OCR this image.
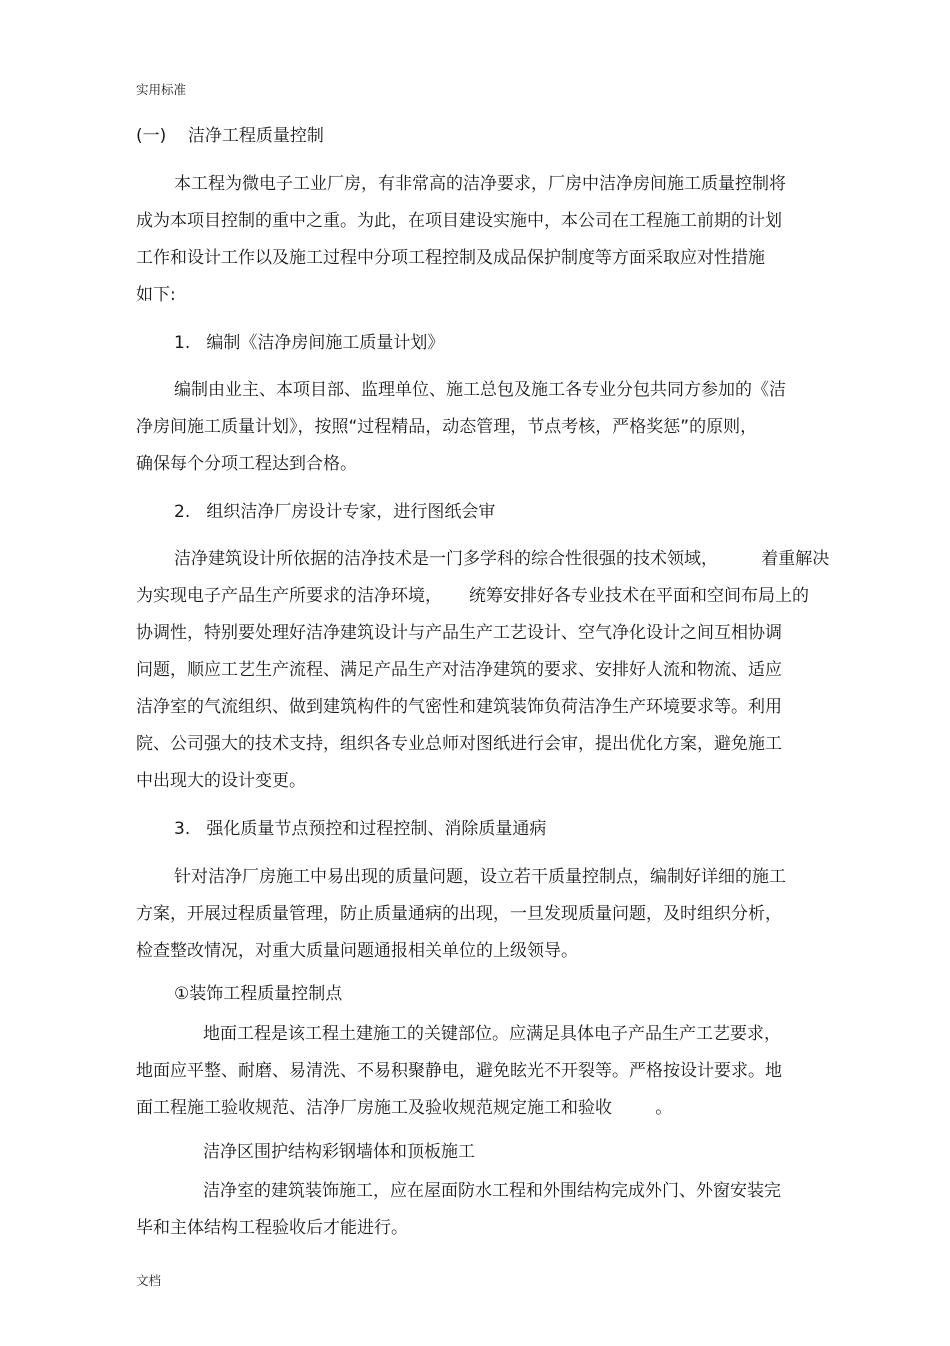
实用标准
(一)    洁净工程质量控制
本工程为微电子工业厂房，有非常高的洁净要求，厂房中洁净房间施工质量控制将
成为本项目控制的重中之重。为此，在项目建设实施中，本公司在工程施工前期的计划
工作和设计工作以及施工过程中分项工程控制及成品保护制度等方面采取应对性措施
如下:
1.   编制《洁净房间施工质量计划》
编制由业主、本项目部、监理单位、施工总包及施工各专业分包共同方参加的《洁
净房间施工质量计划》，按照“过程精品，动态管理，节点考核，严格奖惩”的原则，
确保每个分项工程达到合格。
2.   组织洁净厂房设计专家，进行图纸会审
洁净建筑设计所依据的洁净技术是一门多学科的综合性很强的技术领域，        着重解决
为实现电子产品生产所要求的洁净环境，     统筹安排好各专业技术在平面和空间布局上的
协调性，特别要处理好洁净建筑设计与产品生产工艺设计、空气净化设计之间互相协调
问题，顺应工艺生产流程、满足产品生产对洁净建筑的要求、安排好人流和物流、适应
洁净室的气流组织、做到建筑构件的气密性和建筑装饰负荷洁净生产环境要求等。利用
院、公司强大的技术支持，组织各专业总师对图纸进行会审，提出优化方案，避免施工
中出现大的设计变更。
3.   强化质量节点预控和过程控制、消除质量通病
针对洁净厂房施工中易出现的质量问题，设立若干质量控制点，编制好详细的施工
方案，开展过程质量管理，防止质量通病的出现，一旦发现质量问题，及时组织分析，
检查整改情况，对重大质量问题通报相关单位的上级领导。
①装饰工程质量控制点
地面工程是该工程土建施工的关键部位。应满足具体电子产品生产工艺要求，
地面应平整、耐磨、易清洗、不易积聚静电，避免眩光不开裂等。严格按设计要求。地
面工程施工验收规范、洁净厂房施工及验收规范规定施工和验收        。
洁净区围护结构彩钢墙体和顶板施工
洁净室的建筑装饰施工，应在屋面防水工程和外围结构完成外门、外窗安装完
毕和主体结构工程验收后才能进行。
文档
